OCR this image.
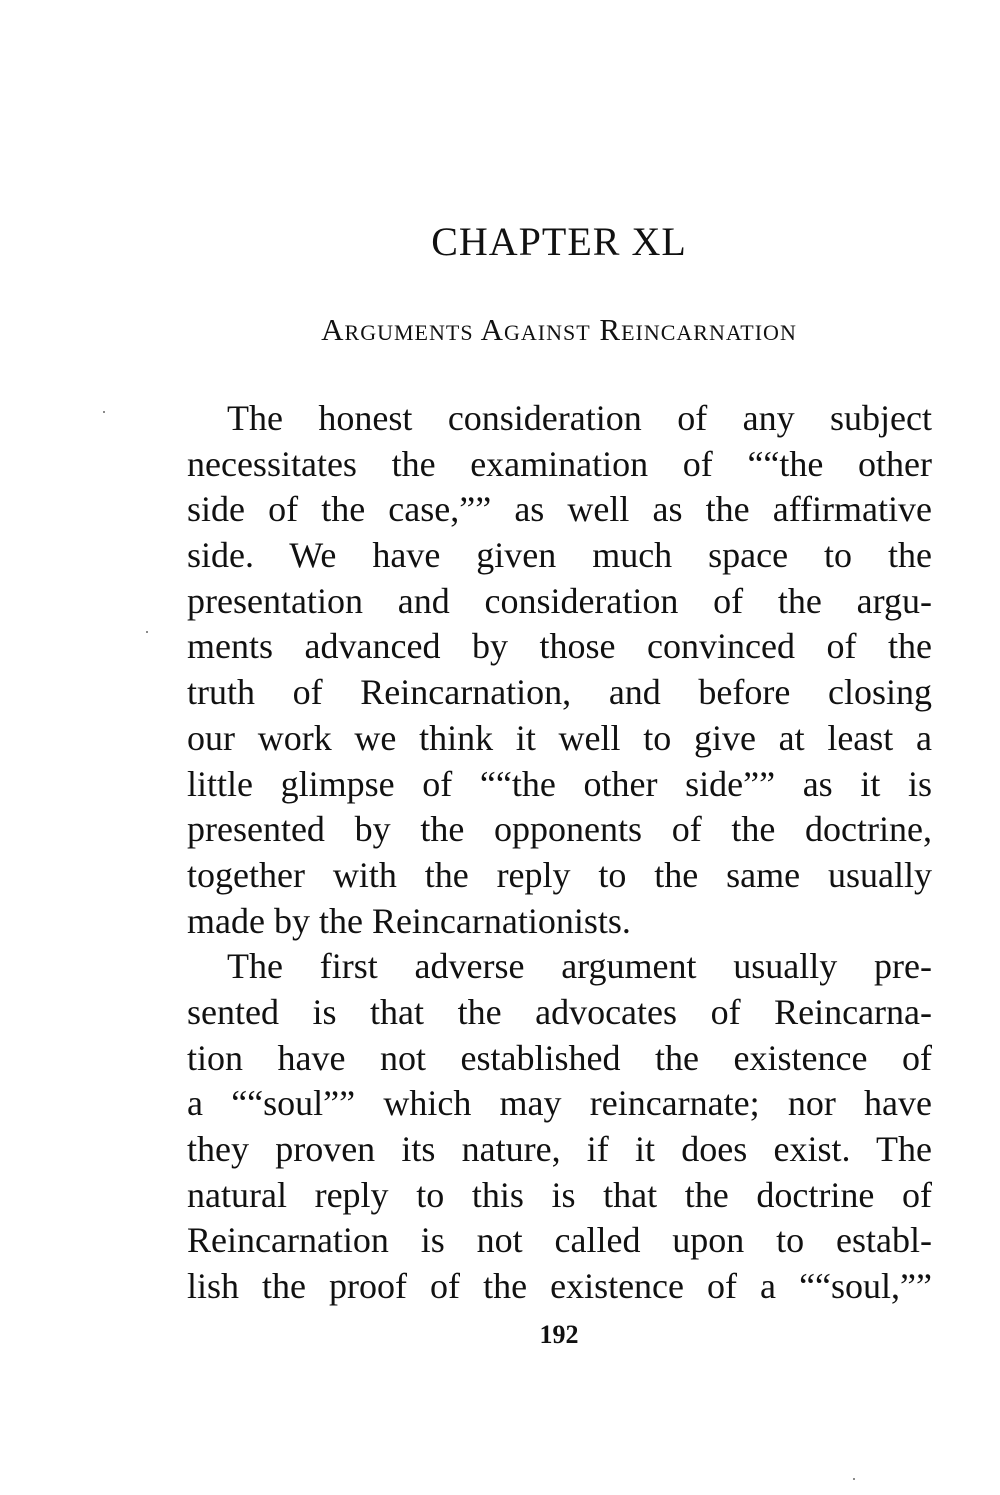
CHAPTER XL
Arguments Against Reincarnation
The honest consideration of any subject
necessitates the examination of ““the other
side of the case,”” as well as the affirmative
side. We have given much space to the
presentation and consideration of the argu-
ments advanced by those convinced of the
truth of Reincarnation, and before closing
our work we think it well to give at least a
little glimpse of ““the other side”” as it is
presented by the opponents of the doctrine,
together with the reply to the same usually
made by the Reincarnationists.
The first adverse argument usually pre-
sented is that the advocates of Reincarna-
tion have not established the existence of
a ““soul”” which may reincarnate; nor have
they proven its nature, if it does exist. The
natural reply to this is that the doctrine of
Reincarnation is not called upon to establ-
lish the proof of the existence of a ““soul,””
192
